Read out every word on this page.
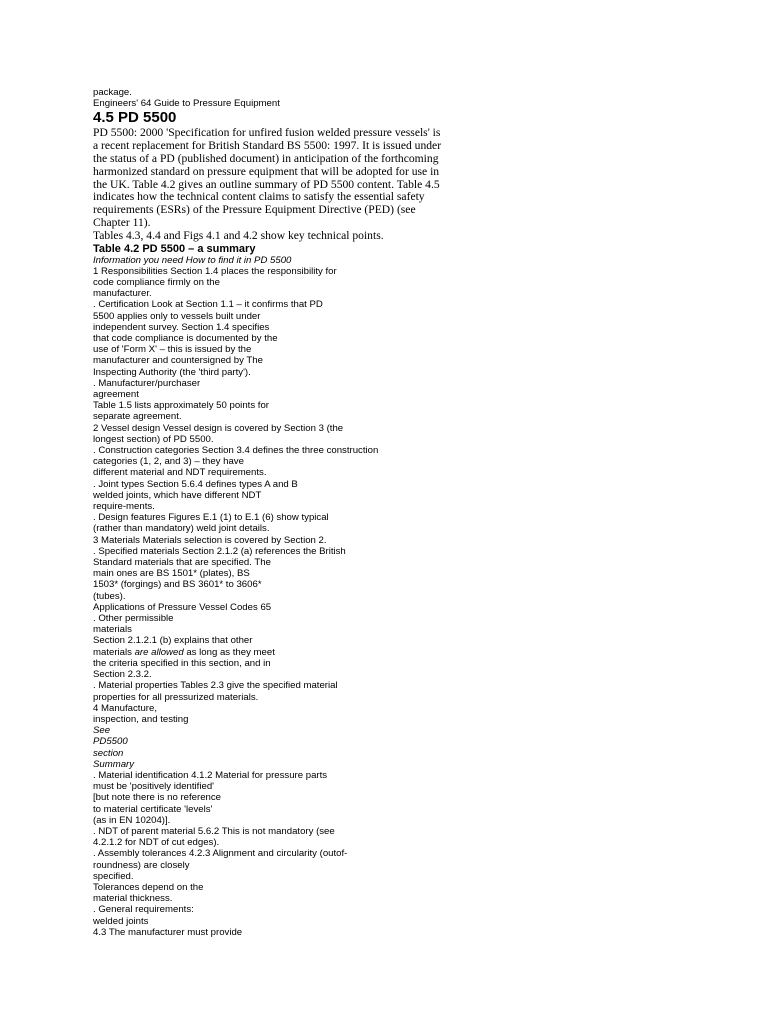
package.
Engineers' 64 Guide to Pressure Equipment
4.5 PD 5500
PD 5500: 2000 'Specification for unfired fusion welded pressure vessels' is
a recent replacement for British Standard BS 5500: 1997. It is issued under
the status of a PD (published document) in anticipation of the forthcoming
harmonized standard on pressure equipment that will be adopted for use in
the UK. Table 4.2 gives an outline summary of PD 5500 content. Table 4.5
indicates how the technical content claims to satisfy the essential safety
requirements (ESRs) of the Pressure Equipment Directive (PED) (see
Chapter 11).
Tables 4.3, 4.4 and Figs 4.1 and 4.2 show key technical points.
Table 4.2 PD 5500 – a summary
Information you need How to find it in PD 5500
1 Responsibilities Section 1.4 places the responsibility for
code compliance firmly on the
manufacturer.
. Certification Look at Section 1.1 – it confirms that PD
5500 applies only to vessels built under
independent survey. Section 1.4 specifies
that code compliance is documented by the
use of 'Form X' – this is issued by the
manufacturer and countersigned by The
Inspecting Authority (the 'third party').
. Manufacturer/purchaser
agreement
Table 1.5 lists approximately 50 points for
separate agreement.
2 Vessel design Vessel design is covered by Section 3 (the
longest section) of PD 5500.
. Construction categories Section 3.4 defines the three construction
categories (1, 2, and 3) – they have
different material and NDT requirements.
. Joint types Section 5.6.4 defines types A and B
welded joints, which have different NDT
require-ments.
. Design features Figures E.1 (1) to E.1 (6) show typical
(rather than mandatory) weld joint details.
3 Materials Materials selection is covered by Section 2.
. Specified materials Section 2.1.2 (a) references the British
Standard materials that are specified. The
main ones are BS 1501* (plates), BS
1503* (forgings) and BS 3601* to 3606*
(tubes).
Applications of Pressure Vessel Codes 65
. Other permissible
materials
Section 2.1.2.1 (b) explains that other
materials are allowed as long as they meet
the criteria specified in this section, and in
Section 2.3.2.
. Material properties Tables 2.3 give the specified material
properties for all pressurized materials.
4 Manufacture,
inspection, and testing
See
PD5500
section
Summary
. Material identification 4.1.2 Material for pressure parts
must be 'positively identified'
[but note there is no reference
to material certificate 'levels'
(as in EN 10204)].
. NDT of parent material 5.6.2 This is not mandatory (see
4.2.1.2 for NDT of cut edges).
. Assembly tolerances 4.2.3 Alignment and circularity (outof-
roundness) are closely
specified.
Tolerances depend on the
material thickness.
. General requirements:
welded joints
4.3 The manufacturer must provide
